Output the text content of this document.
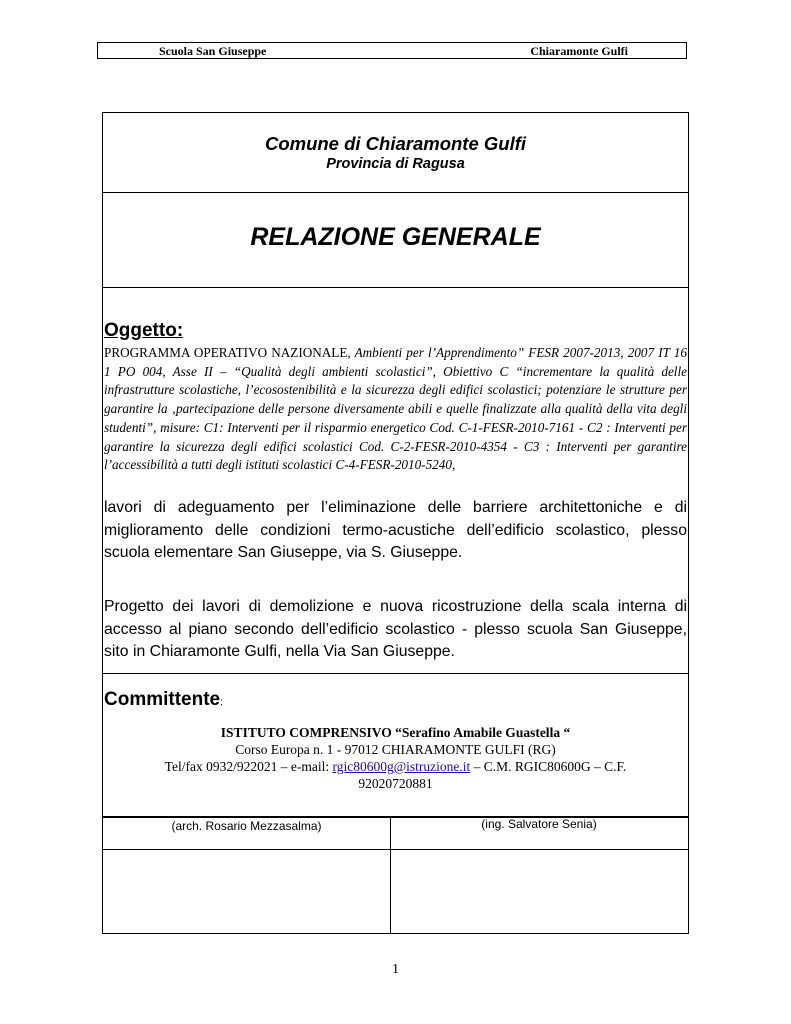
Scuola San Giuseppe	Chiaramonte Gulfi
Comune di Chiaramonte Gulfi
Provincia di Ragusa
RELAZIONE GENERALE
Oggetto:
PROGRAMMA OPERATIVO NAZIONALE, Ambienti per l’Apprendimento” FESR 2007-2013, 2007 IT 16 1 PO 004, Asse II – “Qualità degli ambienti scolastici”, Obiettivo C “incrementare la qualità delle infrastrutture scolastiche, l’ecosostenibilità e la sicurezza degli edifici scolastici; potenziare le strutture per garantire la ‚partecipazione delle persone diversamente abili e quelle finalizzate alla qualità della vita degli studenti”, misure: C1: Interventi per il risparmio energetico Cod. C-1-FESR-2010-7161 - C2 : Interventi per garantire la sicurezza degli edifici scolastici Cod. C-2-FESR-2010-4354 - C3 : Interventi per garantire l’accessibilità a tutti degli istituti scolastici C-4-FESR-2010-5240,
lavori di adeguamento per l’eliminazione delle barriere architettoniche e di miglioramento delle condizioni termo-acustiche dell’edificio scolastico, plesso scuola elementare San Giuseppe, via S. Giuseppe.
Progetto dei lavori di demolizione e nuova ricostruzione della scala interna di accesso al piano secondo dell’edificio scolastico - plesso scuola San Giuseppe, sito in Chiaramonte Gulfi, nella Via San Giuseppe.
Committente:
ISTITUTO COMPRENSIVO “Serafino Amabile Guastella “
Corso Europa n. 1 - 97012 CHIARAMONTE GULFI (RG)
Tel/fax 0932/922021 – e-mail: rgic80600g@istruzione.it – C.M. RGIC80600G – C.F.
92020720881
(arch. Rosario Mezzasalma)	(ing. Salvatore Senia)
1
